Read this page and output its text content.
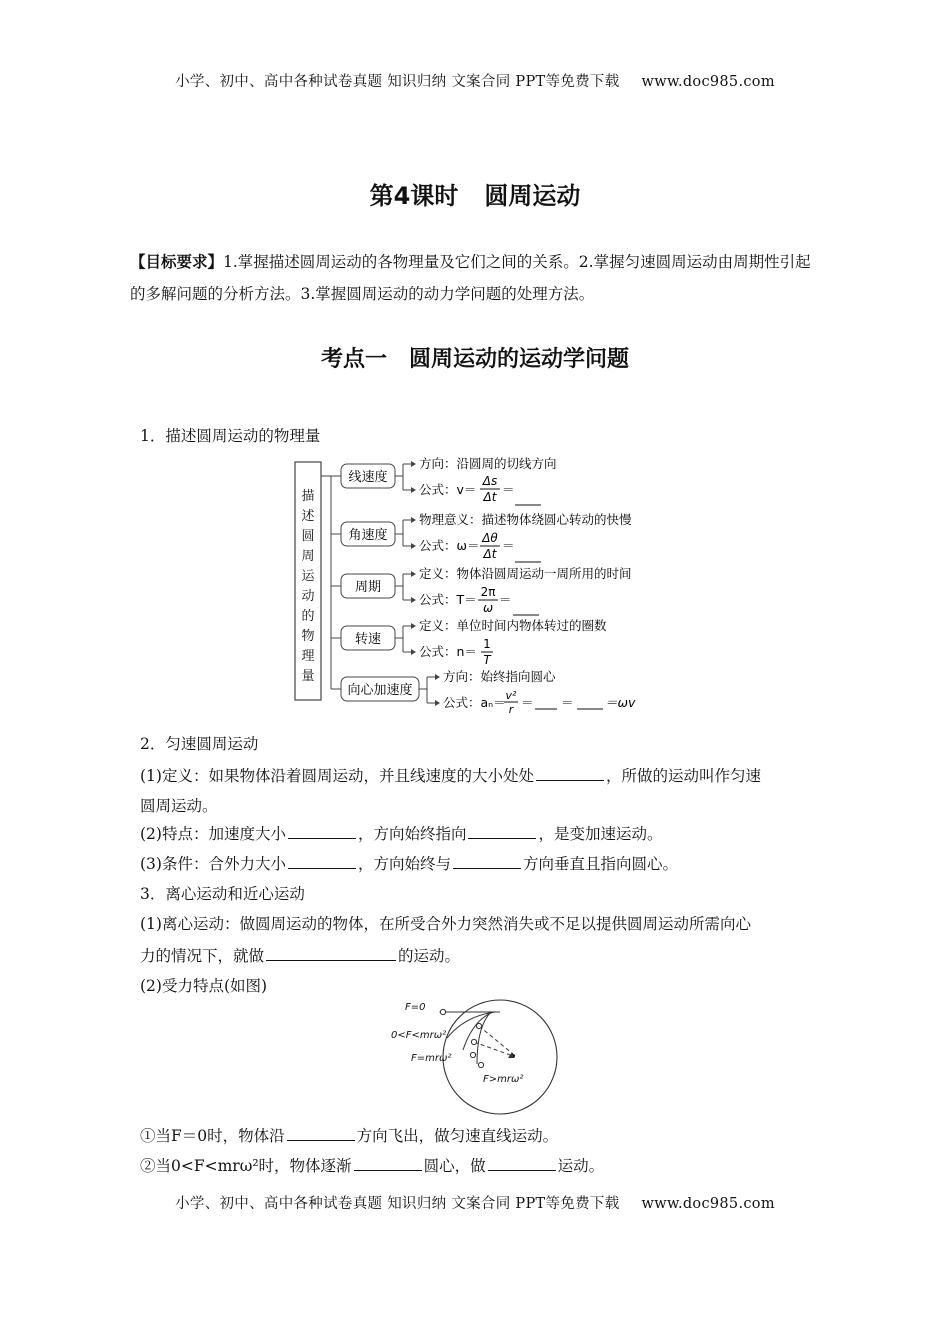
小学、初中、高中各种试卷真题 知识归纳 文案合同 PPT等免费下载 www.doc985.com
第4课时 圆周运动
【目标要求】1.掌握描述圆周运动的各物理量及它们之间的关系。2.掌握匀速圆周运动由周期性引起的多解问题的分析方法。3.掌握圆周运动的动力学问题的处理方法。
考点一　圆周运动的运动学问题
1．描述圆周运动的物理量
描
述
圆
周
运
动
的
物
理
量
线速度
方向：沿圆周的切线方向
公式：v＝
Δs
Δt ＝
角速度
物理意义：描述物体绕圆心转动的快慢
公式：ω＝ Δθ
Δt
＝
周期
定义：物体沿圆周运动一周所用的时间
公式：T＝ 2π
ω
＝
转速
定义：单位时间内物体转过的圈数
公式：n＝ 1
T
向心加速度
方向：始终指向圆心
公式：aₙ＝ v²
r ＝ ＝	＝ωv
2．匀速圆周运动
(1)定义：如果物体沿着圆周运动，并且线速度的大小处处	，所做的运动叫作匀速
圆周运动。
(2)特点：加速度大小	，方向始终指向	，是变加速运动。
(3)条件：合外力大小	，方向始终与	方向垂直且指向圆心。
3．离心运动和近心运动
(1)离心运动：做圆周运动的物体，在所受合外力突然消失或不足以提供圆周运动所需向心
力的情况下，就做	的运动。
(2)受力特点(如图)
F=0
0<F<mrω²
F=mrω²
F>mrω²
①当F＝0时，物体沿	方向飞出，做匀速直线运动。
②当0<F<mrω²时，物体逐渐	圆心，做	运动。
小学、初中、高中各种试卷真题 知识归纳 文案合同 PPT等免费下载 www.doc985.com
